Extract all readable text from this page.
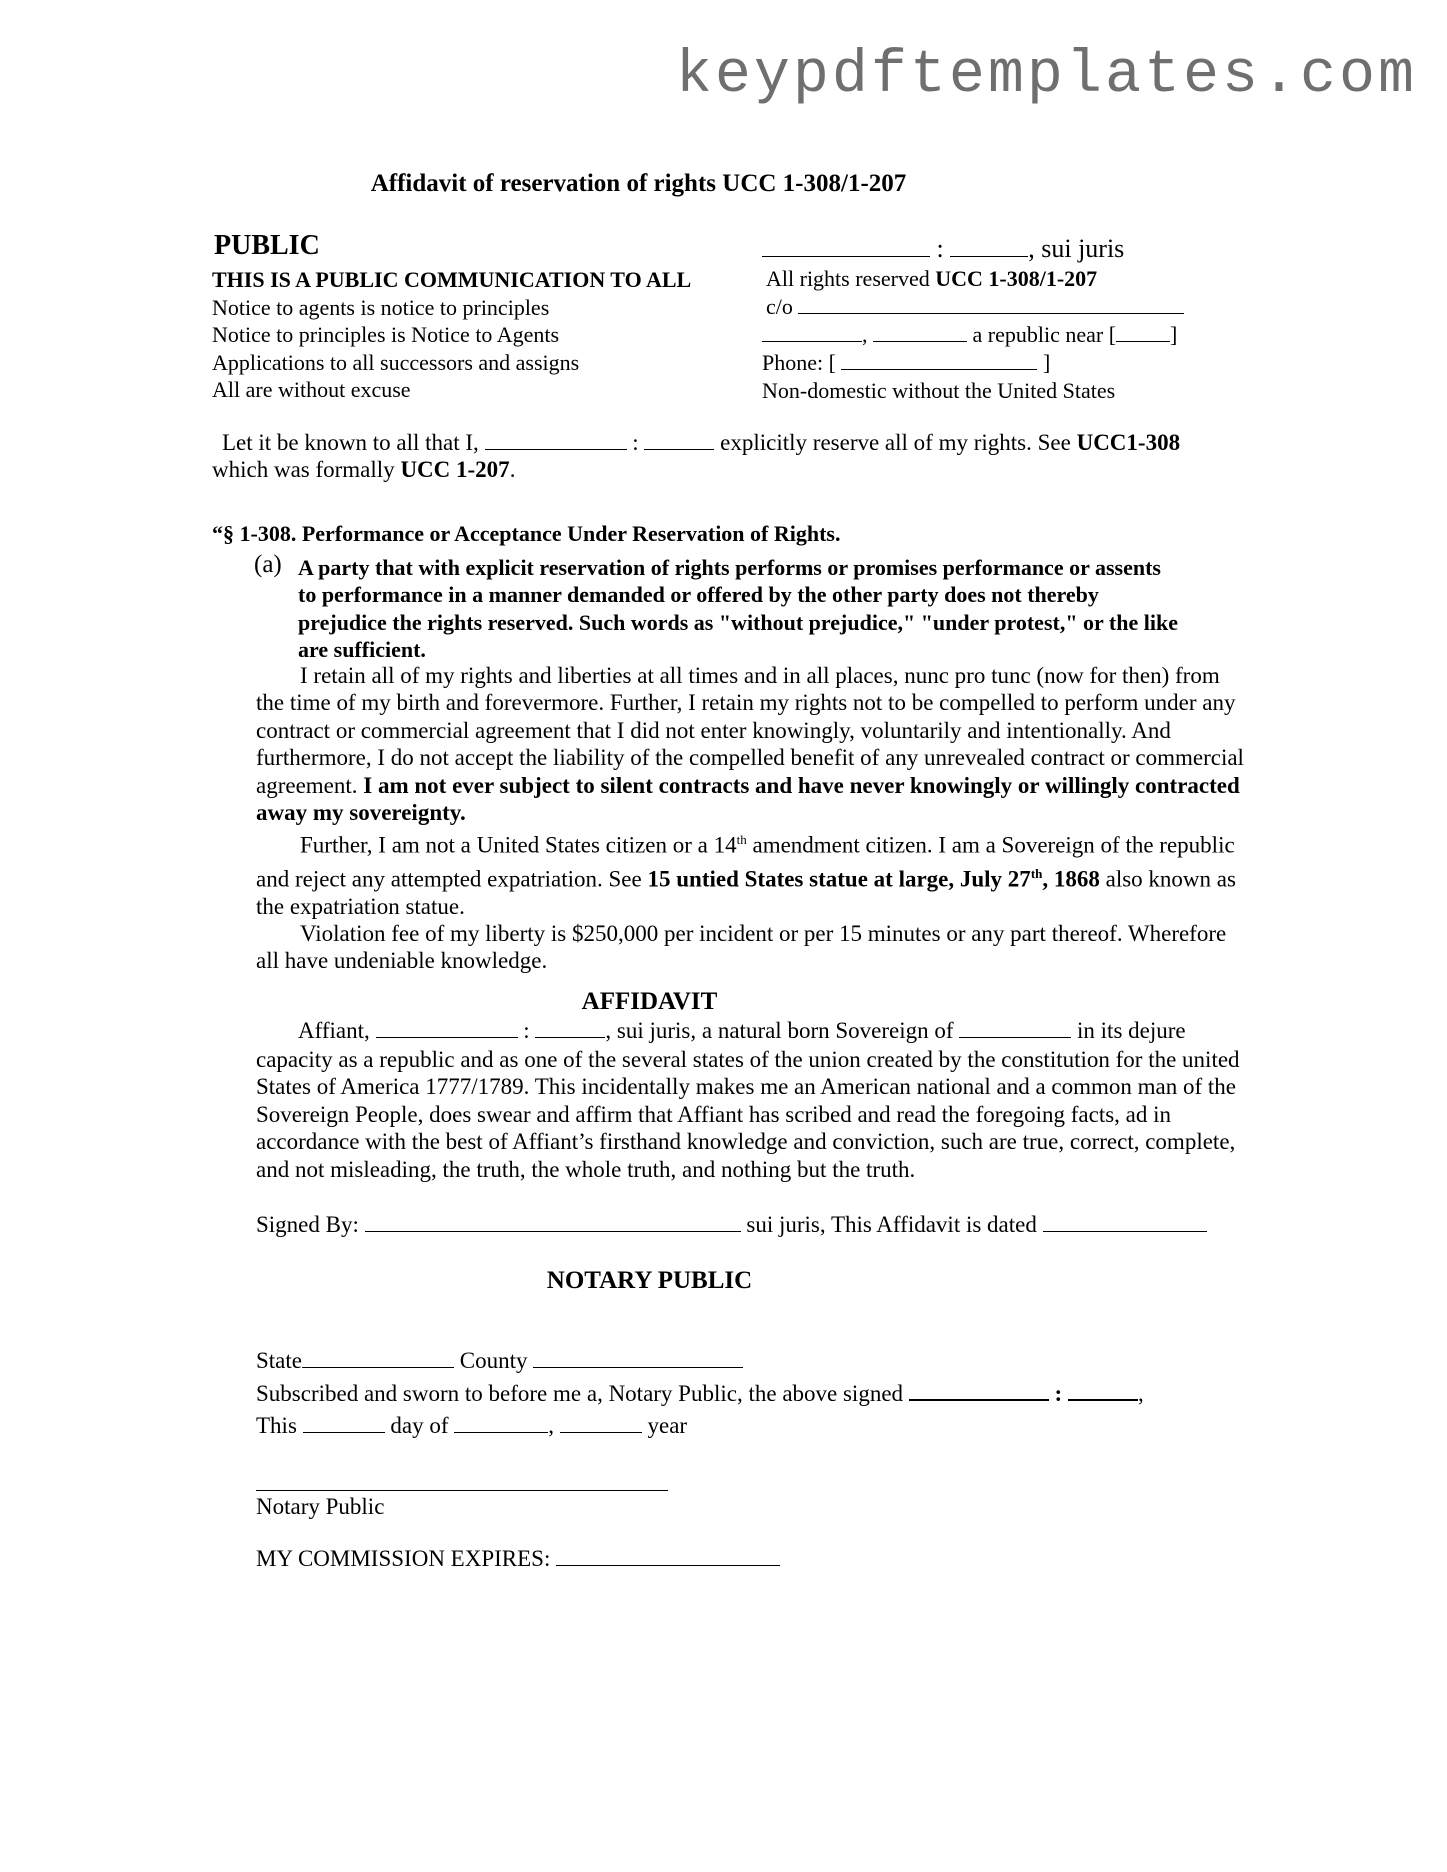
keypdftemplates.com
Affidavit of reservation of rights UCC 1-308/1-207
PUBLIC
THIS IS A PUBLIC COMMUNICATION TO ALL
Notice to agents is notice to principles
Notice to principles is Notice to Agents
Applications to all successors and assigns
All are without excuse
:	, sui juris
All rights reserved UCC 1-308/1-207
c/o
,	a republic near [ ]
Phone: [	]
Non-domestic without the United States
Let it be known to all that I,	:	explicitly reserve all of my rights. See UCC1-308
which was formally UCC 1-207.
“§ 1-308. Performance or Acceptance Under Reservation of Rights.
(a) A party that with explicit reservation of rights performs or promises performance or assents
to performance in a manner demanded or offered by the other party does not thereby
prejudice the rights reserved. Such words as "without prejudice," "under protest," or the like
are sufficient.

I retain all of my rights and liberties at all times and in all places, nunc pro tunc (now for then) from the time of my birth and forevermore. Further, I retain my rights not to be compelled to perform under any contract or commercial agreement that I did not enter knowingly, voluntarily and intentionally. And furthermore, I do not accept the liability of the compelled benefit of any unrevealed contract or commercial agreement. I am not ever subject to silent contracts and have never knowingly or willingly contracted away my sovereignty.

Further, I am not a United States citizen or a 14th amendment citizen. I am a Sovereign of the republic and reject any attempted expatriation. See 15 untied States statue at large, July 27th, 1868 also known as the expatriation statue.

Violation fee of my liberty is $250,000 per incident or per 15 minutes or any part thereof. Wherefore all have undeniable knowledge.

AFFIDAVIT
Affiant,	:	, sui juris, a natural born Sovereign of	in its dejure
capacity as a republic and as one of the several states of the union created by the constitution for the united States of America 1777/1789. This incidentally makes me an American national and a common man of the Sovereign People, does swear and affirm that Affiant has scribed and read the foregoing facts, ad in accordance with the best of Affiant’s firsthand knowledge and conviction, such are true, correct, complete, and not misleading, the truth, the whole truth, and nothing but the truth.
Signed By:	sui juris, This Affidavit is dated
NOTARY PUBLIC
State	County
Subscribed and sworn to before me a, Notary Public, the above signed	:	,
This	day of	,	year
Notary Public
MY COMMISSION EXPIRES:
